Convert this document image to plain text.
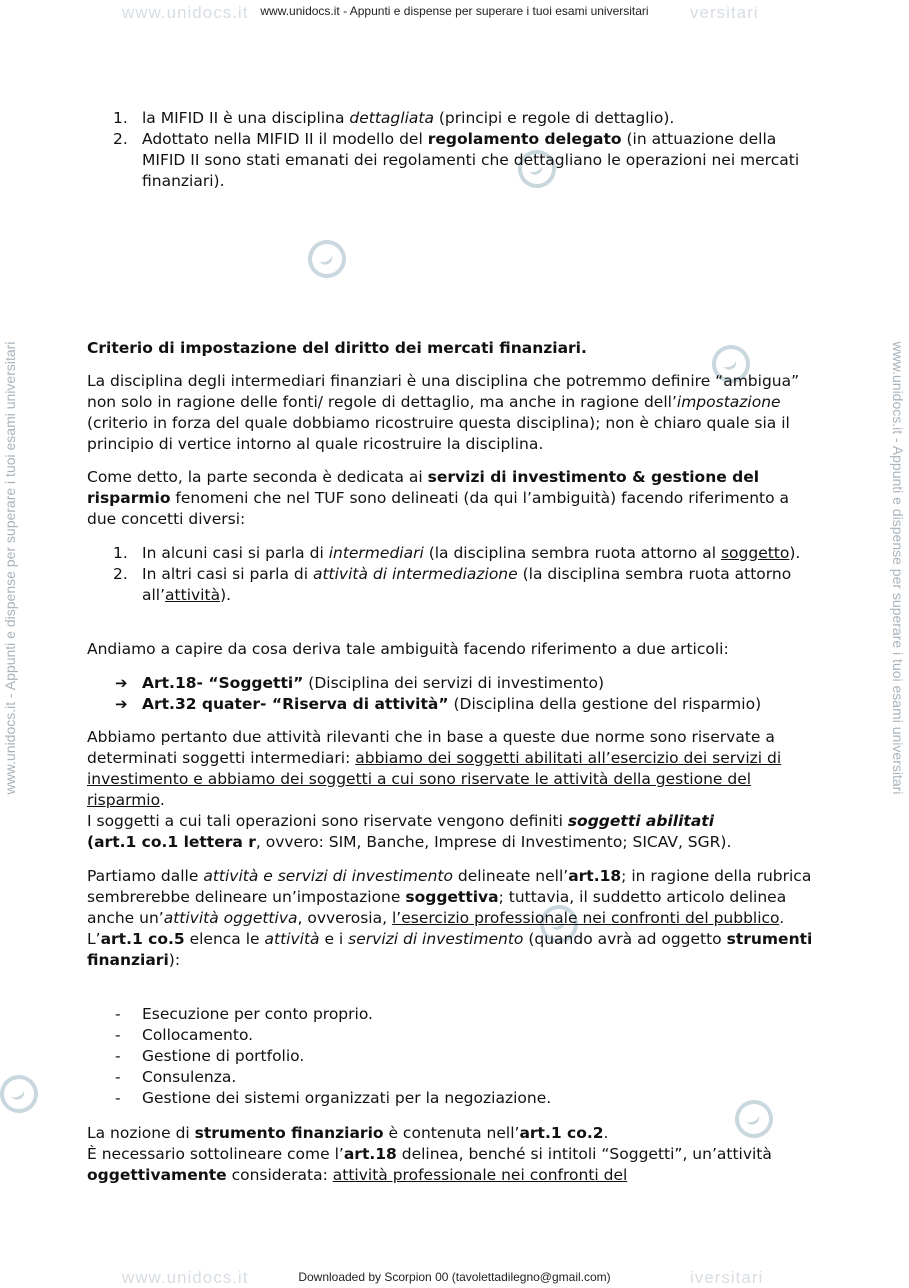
www.unidocs.it	versitari
www.unidocs.it - Appunti e dispense per superare i tuoi esami universitari
www.unidocs.it	iversitari
Downloaded by Scorpion 00 (tavolettadilegno@gmail.com)
www.unidocs.it - Appunti e dispense per superare i tuoi esami universitari	www.unidocs.it - Appunti e dispense per superare i tuoi esami universitari
1. la MIFID II è una disciplina dettagliata (principi e regole di dettaglio).
2. Adottato nella MIFID II il modello del regolamento delegato (in attuazione della MIFID II sono stati emanati dei regolamenti che dettagliano le operazioni nei mercati finanziari).
Criterio di impostazione del diritto dei mercati finanziari.

La disciplina degli intermediari finanziari è una disciplina che potremmo definire “ambigua” non solo in ragione delle fonti/ regole di dettaglio, ma anche in ragione dell’impostazione (criterio in forza del quale dobbiamo ricostruire questa disciplina); non è chiaro quale sia il principio di vertice intorno al quale ricostruire la disciplina.

Come detto, la parte seconda è dedicata ai servizi di investimento & gestione del risparmio fenomeni che nel TUF sono delineati (da qui l’ambiguità) facendo riferimento a due concetti diversi:

1. In alcuni casi si parla di intermediari (la disciplina sembra ruota attorno al soggetto).
2. In altri casi si parla di attività di intermediazione (la disciplina sembra ruota attorno all’attività).

Andiamo a capire da cosa deriva tale ambiguità facendo riferimento a due articoli:

➔ Art.18- “Soggetti” (Disciplina dei servizi di investimento)
➔ Art.32 quater- “Riserva di attività” (Disciplina della gestione del risparmio)

Abbiamo pertanto due attività rilevanti che in base a queste due norme sono riservate a determinati soggetti intermediari: abbiamo dei soggetti abilitati all’esercizio dei servizi di investimento e abbiamo dei soggetti a cui sono riservate le attività della gestione del risparmio.
I soggetti a cui tali operazioni sono riservate vengono definiti soggetti abilitati
(art.1 co.1 lettera r, ovvero: SIM, Banche, Imprese di Investimento; SICAV, SGR).

Partiamo dalle attività e servizi di investimento delineate nell’art.18; in ragione della rubrica sembrerebbe delineare un’impostazione soggettiva; tuttavia, il suddetto articolo delinea anche un’attività oggettiva, ovverosia, l’esercizio professionale nei confronti del pubblico.
L’art.1 co.5 elenca le attività e i servizi di investimento (quando avrà ad oggetto strumenti finanziari):

- Esecuzione per conto proprio.
- Collocamento.
- Gestione di portfolio.
- Consulenza.
- Gestione dei sistemi organizzati per la negoziazione.

La nozione di strumento finanziario è contenuta nell’art.1 co.2.
È necessario sottolineare come l’art.18 delinea, benché si intitoli “Soggetti”, un’attività oggettivamente considerata: attività professionale nei confronti del
